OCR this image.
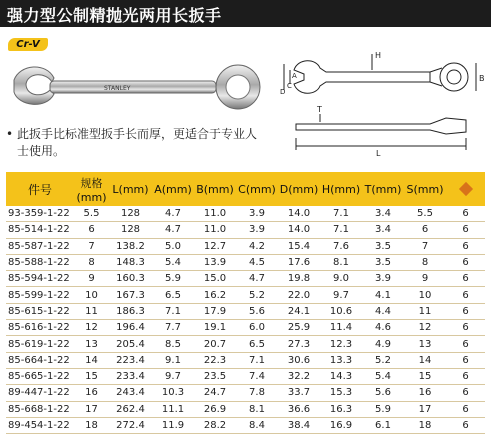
强力型公制精抛光两用长扳手
Cr-V
STANLEY
H
B
D
C
A
T
L
• 此扳手比标准型扳手长而厚，更适合于专业人士使用。
件号	规格(mm)	L(mm)	A(mm)	B(mm)	C(mm)	D(mm)	H(mm)	T(mm)	S(mm)	
93-359-1-22	5.5	128	4.7	11.0	3.9	14.0	7.1	3.4	5.5	6
85-514-1-22	6	128	4.7	11.0	3.9	14.0	7.1	3.4	6	6
85-587-1-22	7	138.2	5.0	12.7	4.2	15.4	7.6	3.5	7	6
85-588-1-22	8	148.3	5.4	13.9	4.5	17.6	8.1	3.5	8	6
85-594-1-22	9	160.3	5.9	15.0	4.7	19.8	9.0	3.9	9	6
85-599-1-22	10	167.3	6.5	16.2	5.2	22.0	9.7	4.1	10	6
85-615-1-22	11	186.3	7.1	17.9	5.6	24.1	10.6	4.4	11	6
85-616-1-22	12	196.4	7.7	19.1	6.0	25.9	11.4	4.6	12	6
85-619-1-22	13	205.4	8.5	20.7	6.5	27.3	12.3	4.9	13	6
85-664-1-22	14	223.4	9.1	22.3	7.1	30.6	13.3	5.2	14	6
85-665-1-22	15	233.4	9.7	23.5	7.4	32.2	14.3	5.4	15	6
89-447-1-22	16	243.4	10.3	24.7	7.8	33.7	15.3	5.6	16	6
85-668-1-22	17	262.4	11.1	26.9	8.1	36.6	16.3	5.9	17	6
89-454-1-22	18	272.4	11.9	28.2	8.4	38.4	16.9	6.1	18	6
